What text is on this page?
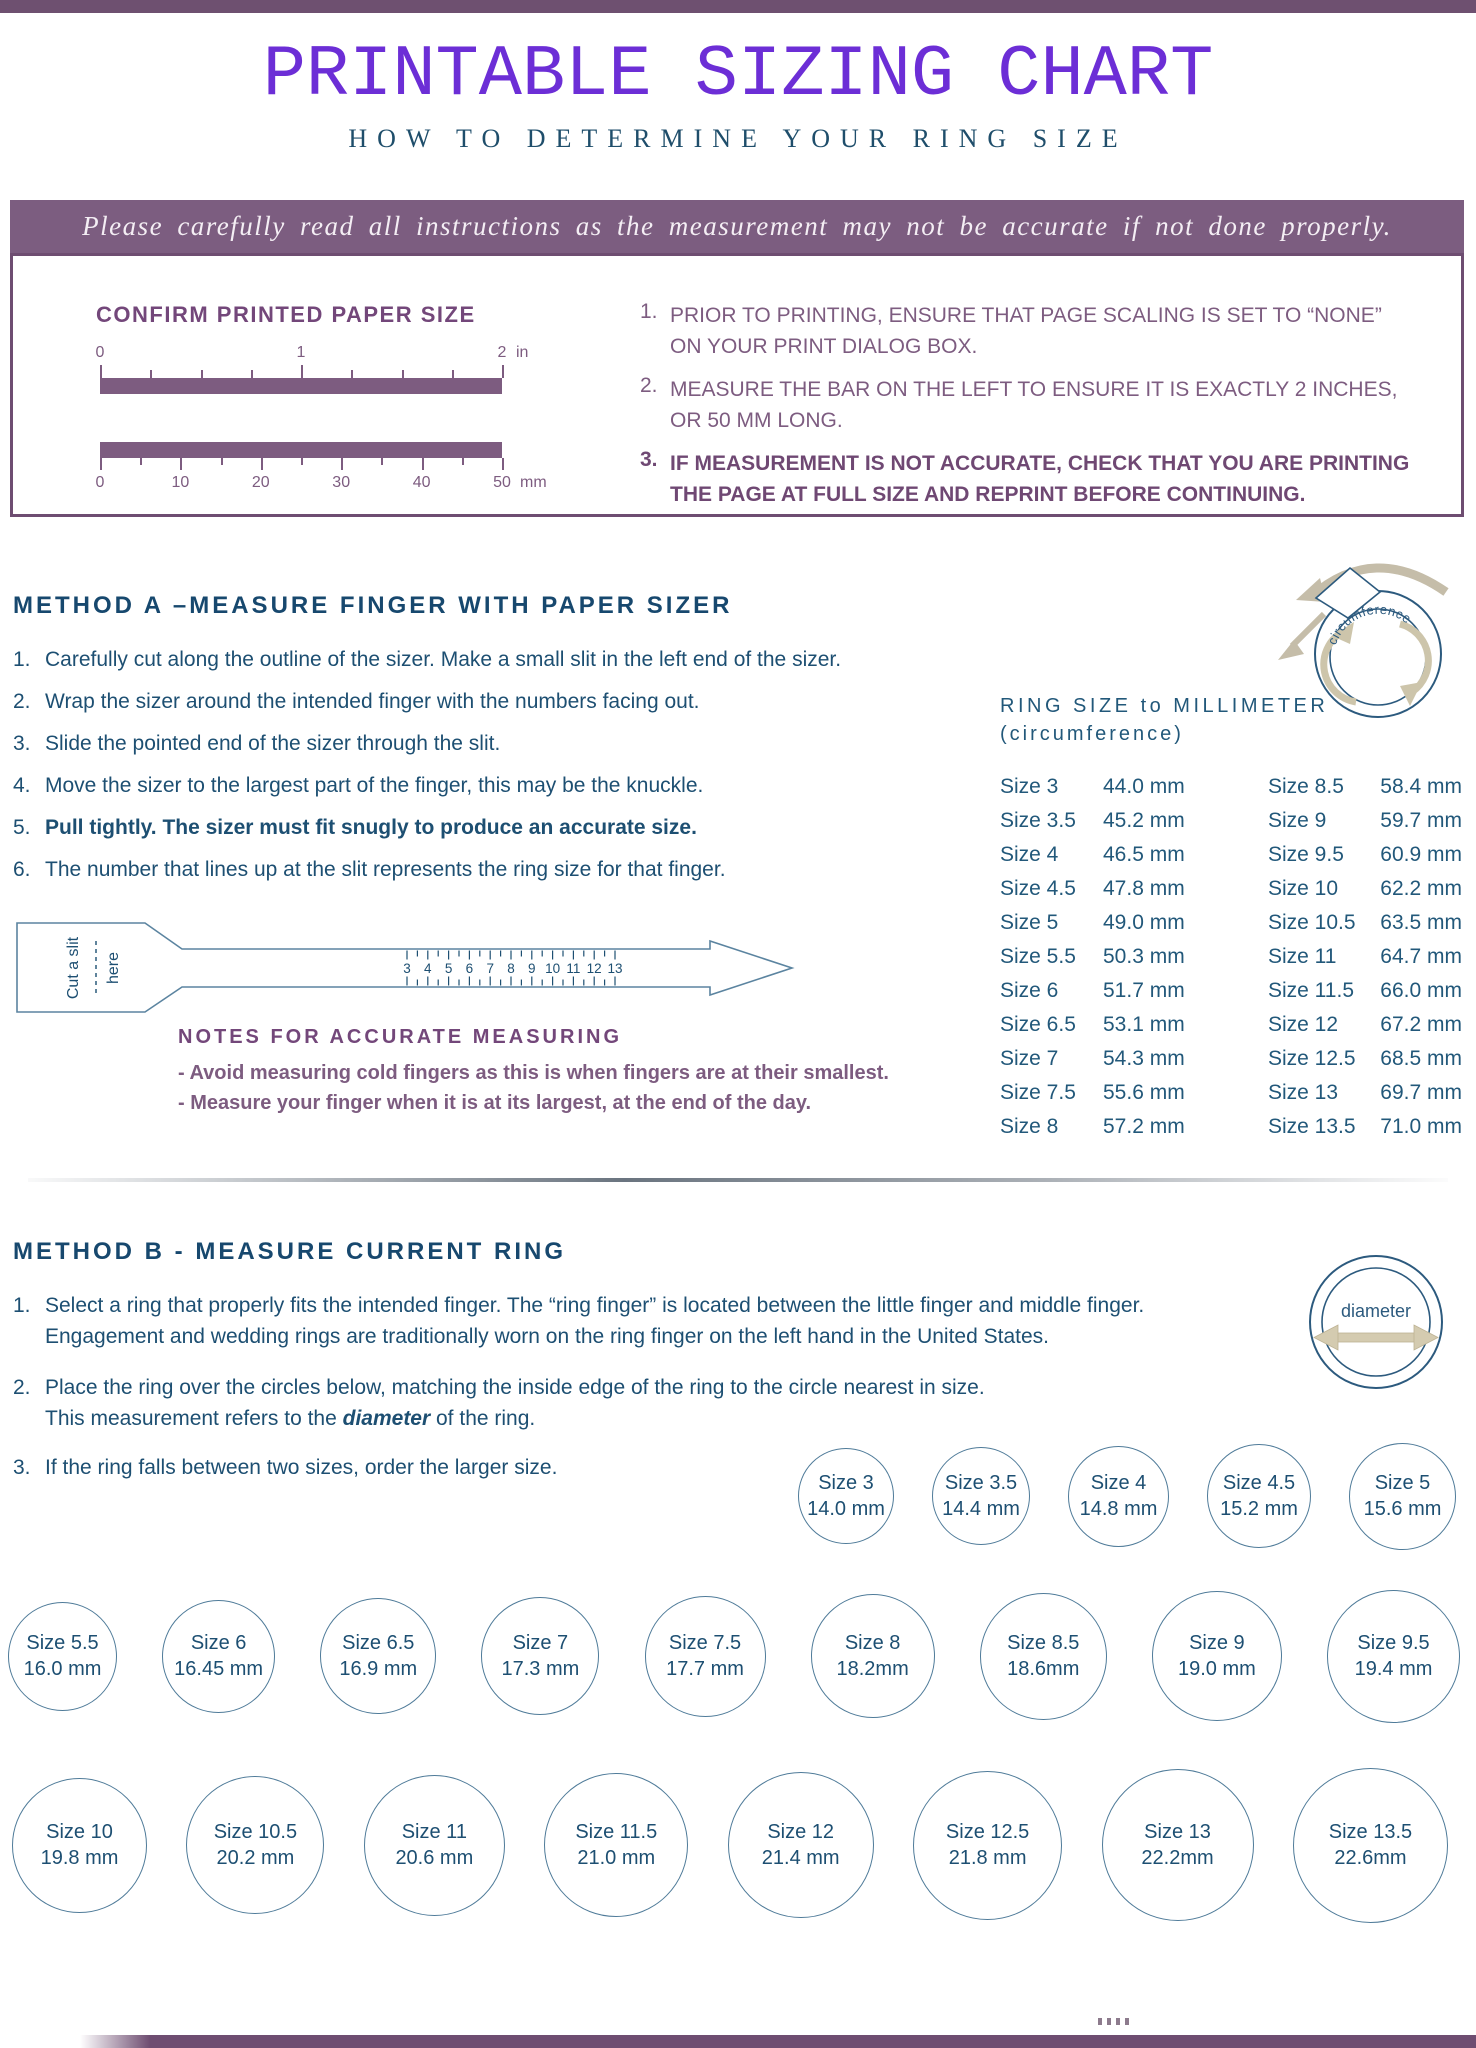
PRINTABLE SIZING CHART
HOW TO DETERMINE YOUR RING SIZE
Please carefully read all instructions as the measurement may not be accurate if not done properly.
CONFIRM PRINTED PAPER SIZE
0	1	2 in
0	10	20	30	40	50 mm
1. PRIOR TO PRINTING, ENSURE THAT PAGE SCALING IS SET TO “NONE”
ON YOUR PRINT DIALOG BOX.
2. MEASURE THE BAR ON THE LEFT TO ENSURE IT IS EXACTLY 2 INCHES,
OR 50 MM LONG.
3. IF MEASUREMENT IS NOT ACCURATE, CHECK THAT YOU ARE PRINTING
THE PAGE AT FULL SIZE AND REPRINT BEFORE CONTINUING.
METHOD A –MEASURE FINGER WITH PAPER SIZER
1. Carefully cut along the outline of the sizer. Make a small slit in the left end of the sizer.
2. Wrap the sizer around the intended finger with the numbers facing out.
3. Slide the pointed end of the sizer through the slit.
4. Move the sizer to the largest part of the finger, this may be the knuckle.
5. Pull tightly. The sizer must fit snugly to produce an accurate size.
6. The number that lines up at the slit represents the ring size for that finger.
circumference
RING SIZE to MILLIMETER
(circumference)
Size 3	44.0 mm	Size 8.5	58.4 mm
Size 3.5	45.2 mm	Size 9	59.7 mm
Size 4	46.5 mm	Size 9.5	60.9 mm
Size 4.5	47.8 mm	Size 10	62.2 mm
Size 5	49.0 mm	Size 10.5	63.5 mm
Size 5.5	50.3 mm	Size 11	64.7 mm
Size 6	51.7 mm	Size 11.5	66.0 mm
Size 6.5	53.1 mm	Size 12	67.2 mm
Size 7	54.3 mm	Size 12.5	68.5 mm
Size 7.5	55.6 mm	Size 13	69.7 mm
Size 8	57.2 mm	Size 13.5	71.0 mm
Cut a slit here	3 4 5 6 7 8 9 10 11 12 13
NOTES FOR ACCURATE MEASURING
- Avoid measuring cold fingers as this is when fingers are at their smallest.
- Measure your finger when it is at its largest, at the end of the day.
METHOD B - MEASURE CURRENT RING
1. Select a ring that properly fits the intended finger. The “ring finger” is located between the little finger and middle finger.
Engagement and wedding rings are traditionally worn on the ring finger on the left hand in the United States.
2. Place the ring over the circles below, matching the inside edge of the ring to the circle nearest in size.
This measurement refers to the diameter of the ring.
3. If the ring falls between two sizes, order the larger size.
diameter
Size 3
14.0 mm
Size 3.5
14.4 mm
Size 4
14.8 mm
Size 4.5
15.2 mm
Size 5
15.6 mm
Size 5.5
16.0 mm
Size 6
16.45 mm
Size 6.5
16.9 mm
Size 7
17.3 mm
Size 7.5
17.7 mm
Size 8
18.2mm
Size 8.5
18.6mm
Size 9
19.0 mm
Size 9.5
19.4 mm
Size 10
19.8 mm
Size 10.5
20.2 mm
Size 11
20.6 mm
Size 11.5
21.0 mm
Size 12
21.4 mm
Size 12.5
21.8 mm
Size 13
22.2mm
Size 13.5
22.6mm
